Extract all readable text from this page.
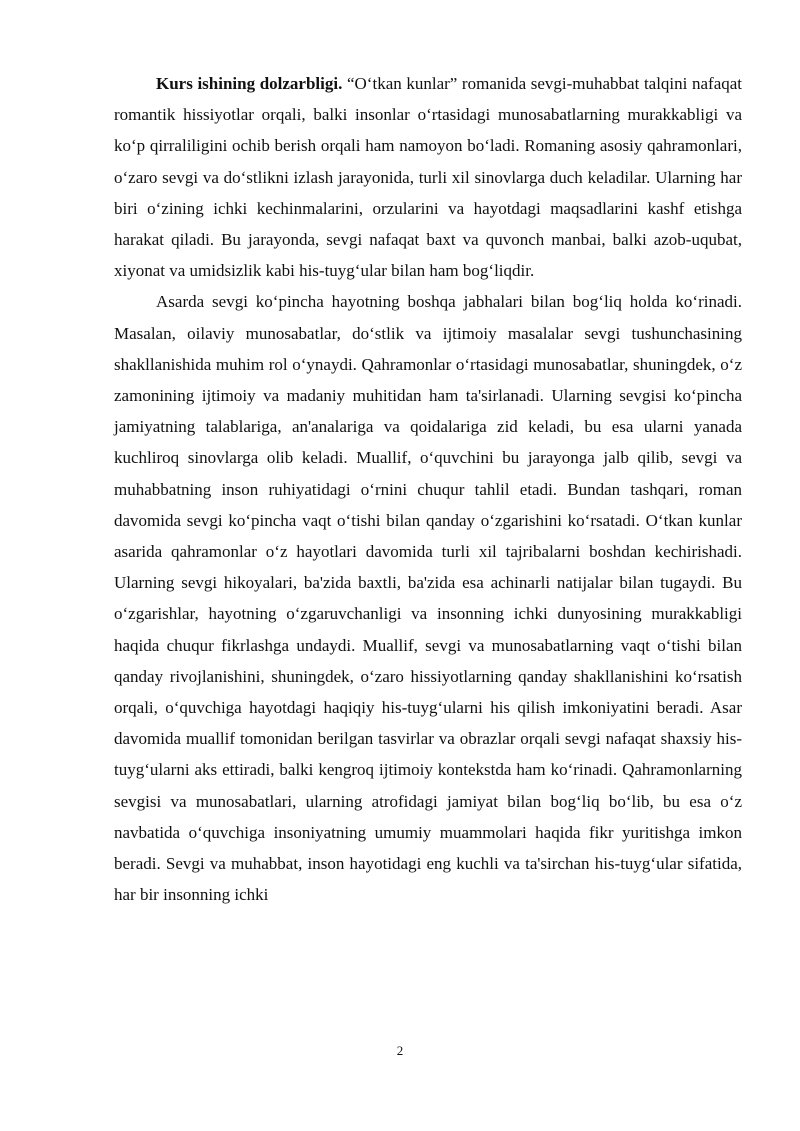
Kurs ishining dolzarbligi. “O‘tkan kunlar” romanida sevgi-muhabbat talqini nafaqat romantik hissiyotlar orqali, balki insonlar o‘rtasidagi munosabatlarning murakkabligi va ko‘p qirraliligini ochib berish orqali ham namoyon bo‘ladi. Romaning asosiy qahramonlari, o‘zaro sevgi va do‘stlikni izlash jarayonida, turli xil sinovlarga duch keladilar. Ularning har biri o‘zining ichki kechinmalarini, orzularini va hayotdagi maqsadlarini kashf etishga harakat qiladi. Bu jarayonda, sevgi nafaqat baxt va quvonch manbai, balki azob-uqubat, xiyonat va umidsizlik kabi his-tuyg‘ular bilan ham bog‘liqdir.

Asarda sevgi ko‘pincha hayotning boshqa jabhalari bilan bog‘liq holda ko‘rinadi. Masalan, oilaviy munosabatlar, do‘stlik va ijtimoiy masalalar sevgi tushunchasining shakllanishida muhim rol o‘ynaydi. Qahramonlar o‘rtasidagi munosabatlar, shuningdek, o‘z zamonining ijtimoiy va madaniy muhitidan ham ta'sirlanadi. Ularning sevgisi ko‘pincha jamiyatning talablariga, an'analariga va qoidalariga zid keladi, bu esa ularni yanada kuchliroq sinovlarga olib keladi. Muallif, o‘quvchini bu jarayonga jalb qilib, sevgi va muhabbatning inson ruhiyatidagi o‘rnini chuqur tahlil etadi. Bundan tashqari, roman davomida sevgi ko‘pincha vaqt o‘tishi bilan qanday o‘zgarishini ko‘rsatadi. O‘tkan kunlar asarida qahramonlar o‘z hayotlari davomida turli xil tajribalarni boshdan kechirishadi. Ularning sevgi hikoyalari, ba'zida baxtli, ba'zida esa achinarli natijalar bilan tugaydi. Bu o‘zgarishlar, hayotning o‘zgaruvchanligi va insonning ichki dunyosining murakkabligi haqida chuqur fikrlashga undaydi. Muallif, sevgi va munosabatlarning vaqt o‘tishi bilan qanday rivojlanishini, shuningdek, o‘zaro hissiyotlarning qanday shakllanishini ko‘rsatish orqali, o‘quvchiga hayotdagi haqiqiy his-tuyg‘ularni his qilish imkoniyatini beradi. Asar davomida muallif tomonidan berilgan tasvirlar va obrazlar orqali sevgi nafaqat shaxsiy his-tuyg‘ularni aks ettiradi, balki kengroq ijtimoiy kontekstda ham ko‘rinadi. Qahramonlarning sevgisi va munosabatlari, ularning atrofidagi jamiyat bilan bog‘liq bo‘lib, bu esa o‘z navbatida o‘quvchiga insoniyatning umumiy muammolari haqida fikr yuritishga imkon beradi. Sevgi va muhabbat, inson hayotidagi eng kuchli va ta'sirchan his-tuyg‘ular sifatida, har bir insonning ichki

2
